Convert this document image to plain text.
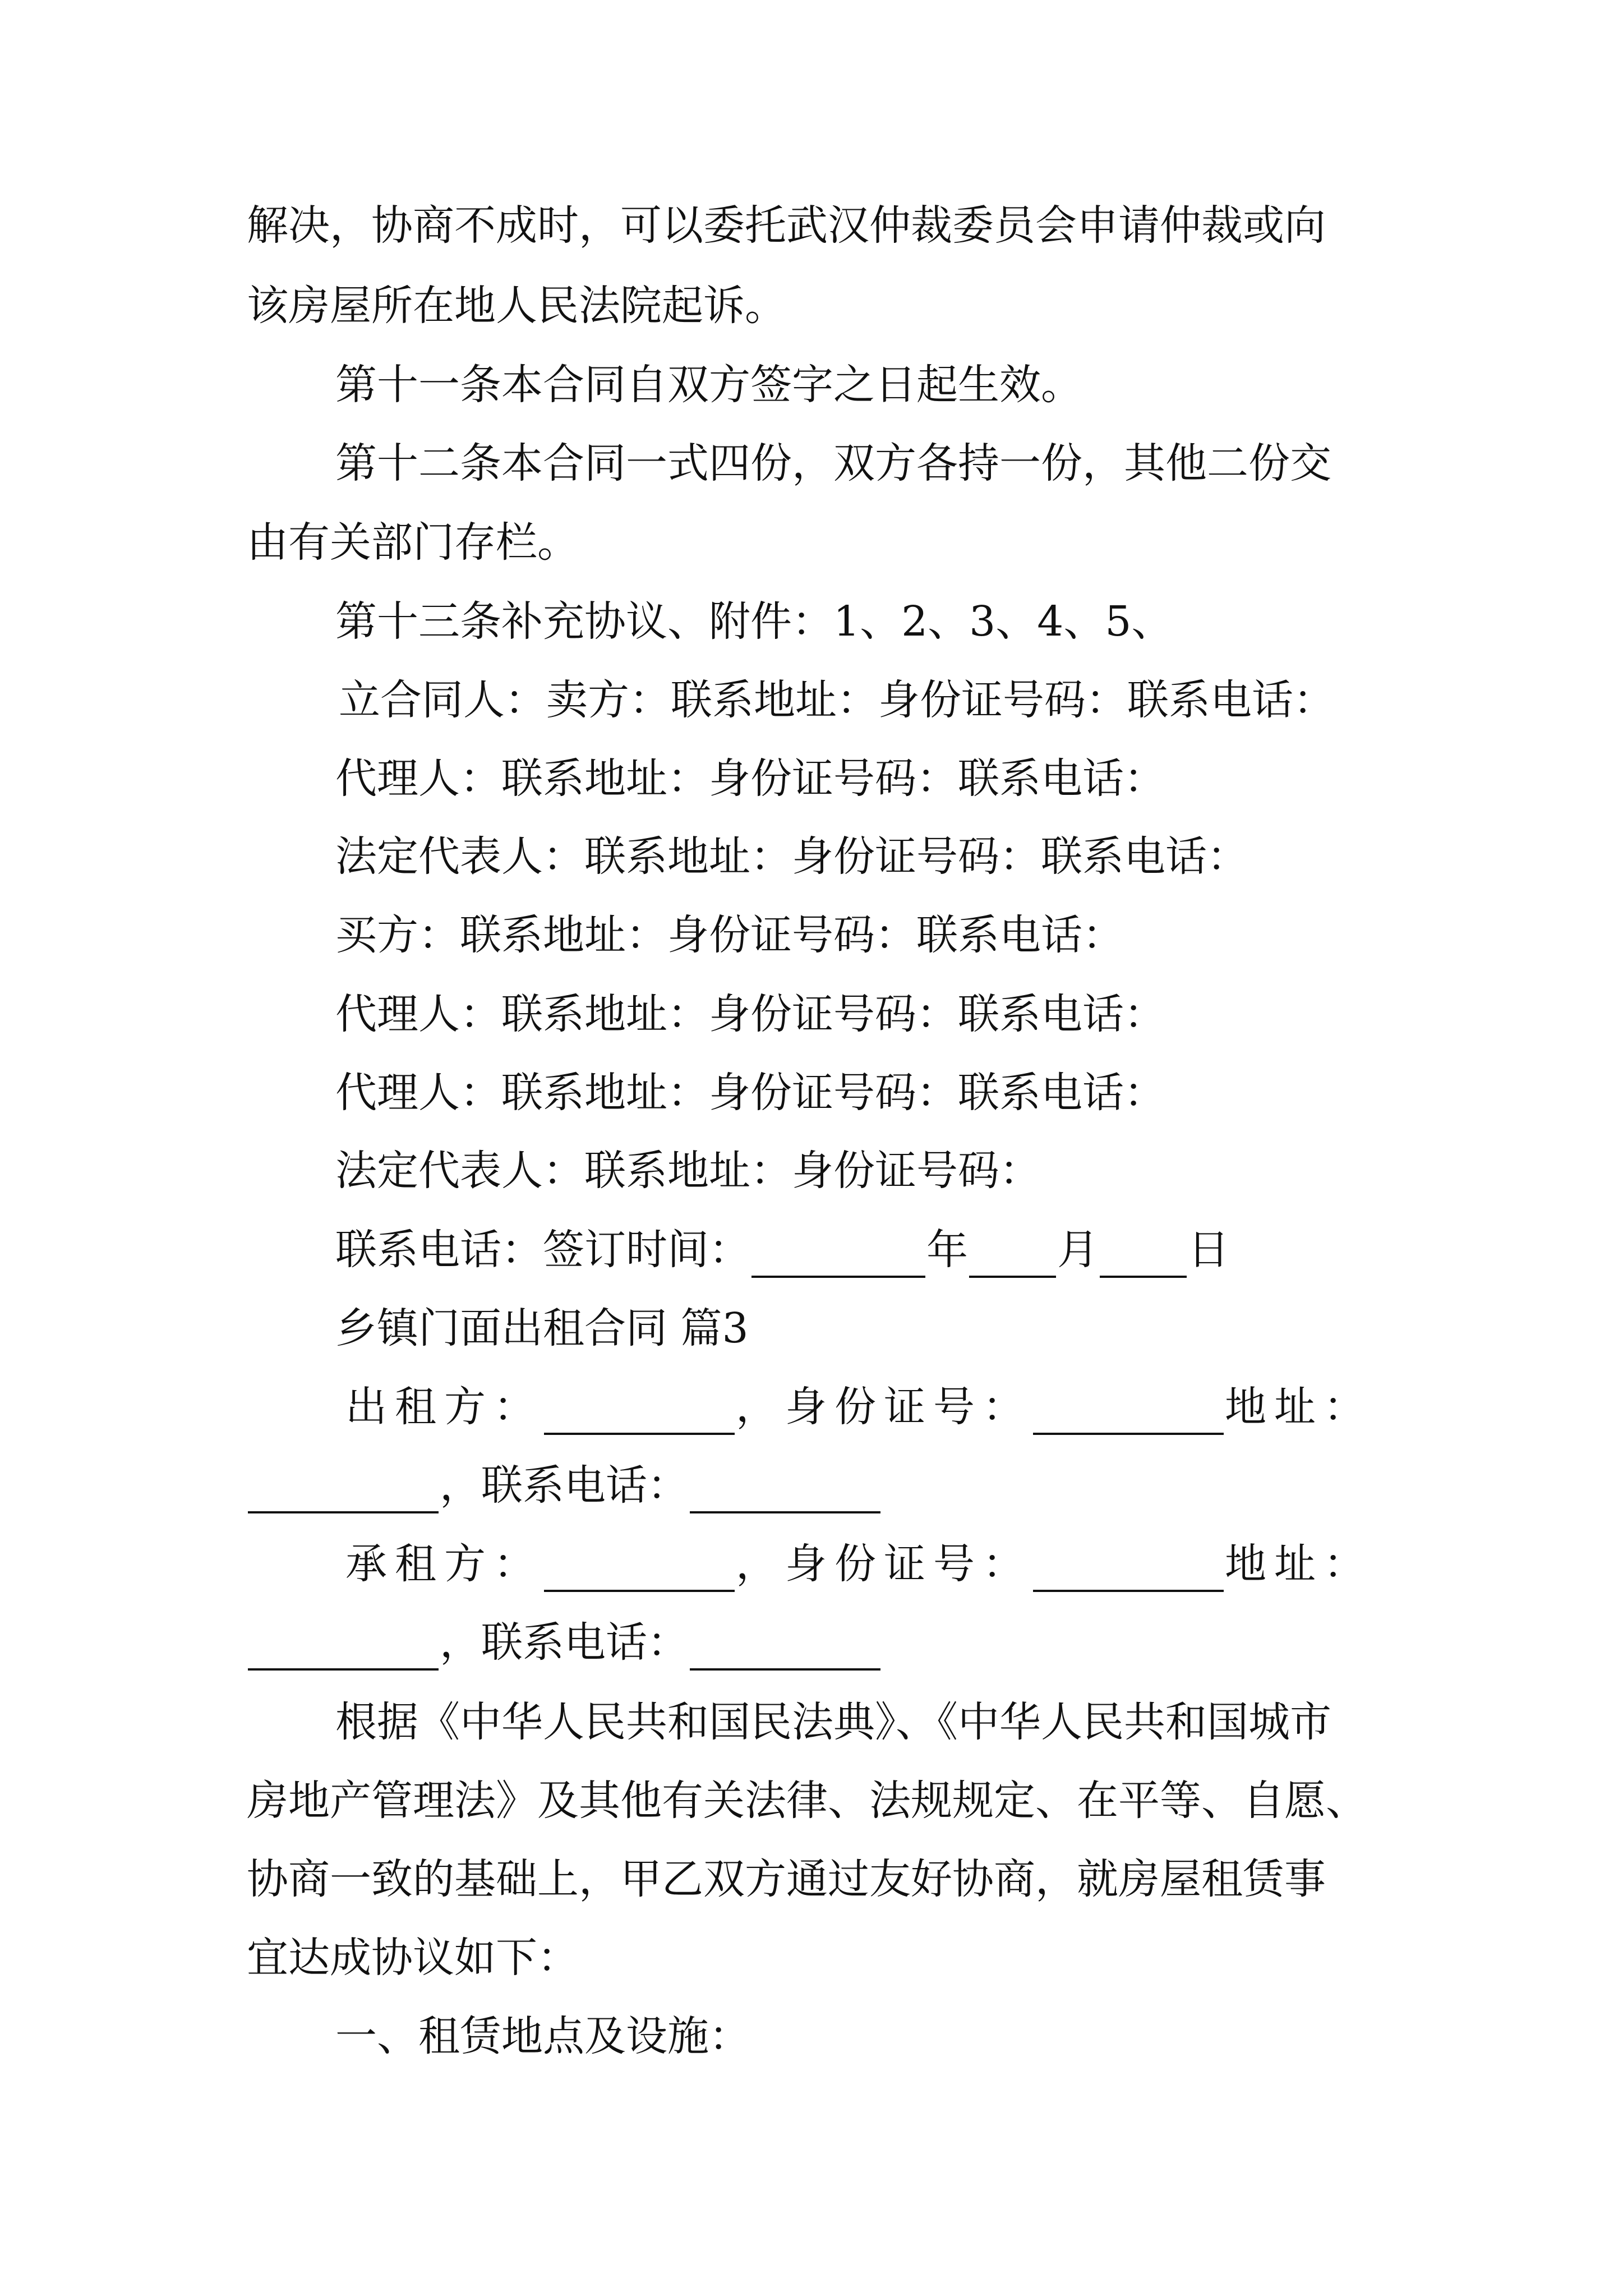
解决，协商不成时，可以委托武汉仲裁委员会申请仲裁或向
该房屋所在地人民法院起诉。
第十一条本合同自双方签字之日起生效。
第十二条本合同一式四份，双方各持一份，其他二份交
由有关部门存栏。
第十三条补充协议、附件：1、2、3、4、5、
立合同人：卖方：联系地址：身份证号码：联系电话：
代理人：联系地址：身份证号码：联系电话：
法定代表人：联系地址：身份证号码：联系电话：
买方：联系地址：身份证号码：联系电话：
代理人：联系地址：身份证号码：联系电话：
代理人：联系地址：身份证号码：联系电话：
法定代表人：联系地址：身份证号码：
联系电话：签订时间：	年 月 日
乡镇门面出租合同 篇3
出租方：	，身份证号：	地址：
，联系电话：
承租方：	，身份证号：	地址：
，联系电话：
根据《中华人民共和国民法典》、《中华人民共和国城市
房地产管理法》及其他有关法律、法规规定、在平等、自愿、
协商一致的基础上，甲乙双方通过友好协商，就房屋租赁事
宜达成协议如下：
一、租赁地点及设施：
